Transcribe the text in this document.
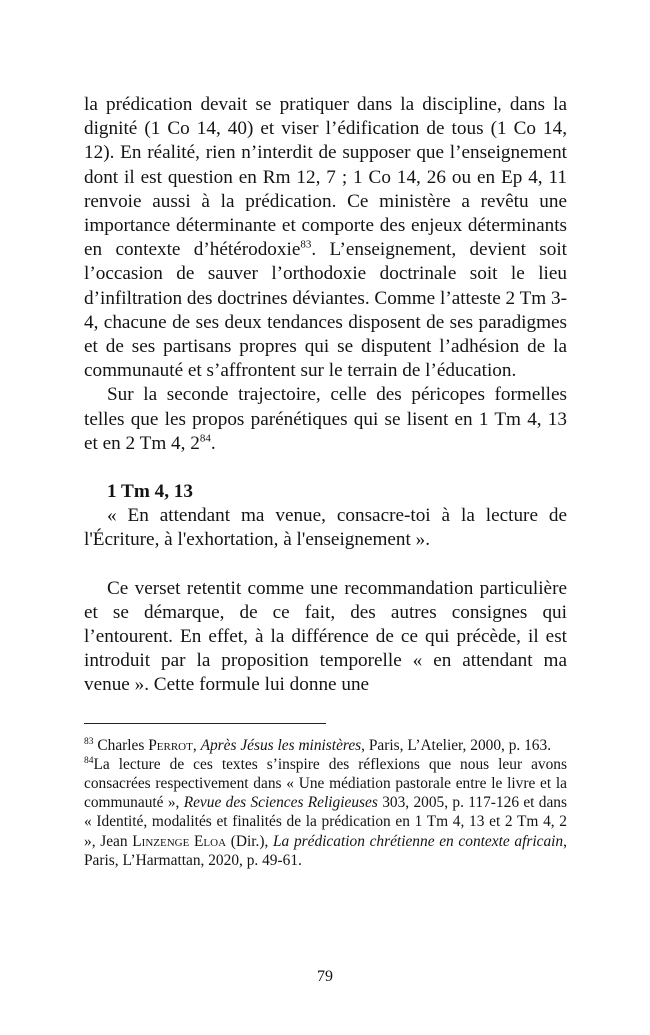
la prédication devait se pratiquer dans la discipline, dans la dignité (1 Co 14, 40) et viser l’édification de tous (1 Co 14, 12). En réalité, rien n’interdit de supposer que l’enseignement dont il est question en Rm 12, 7 ; 1 Co 14, 26 ou en Ep 4, 11 renvoie aussi à la prédication. Ce ministère a revêtu une importance déterminante et comporte des enjeux déterminants en contexte d’hétérodoxie$^{83}$. L’enseignement, devient soit l’occasion de sauver l’orthodoxie doctrinale soit le lieu d’infiltration des doctrines déviantes. Comme l’atteste 2 Tm 3-4, chacune de ses deux tendances disposent de ses paradigmes et de ses partisans propres qui se disputent l’adhésion de la communauté et s’affrontent sur le terrain de l’éducation.

Sur la seconde trajectoire, celle des péricopes formelles telles que les propos parénétiques qui se lisent en 1 Tm 4, 13 et en 2 Tm 4, $2^{84}$.

1 Tm 4, 13

« En attendant ma venue, consacre-toi à la lecture de l'Écriture, à l'exhortation, à l'enseignement ».

Ce verset retentit comme une recommandation particulière et se démarque, de ce fait, des autres consignes qui l’entourent. En effet, à la différence de ce qui précède, il est introduit par la proposition temporelle « en attendant ma venue ». Cette formule lui donne une

$^{83}$ Charles Perrot, Après Jésus les ministères, Paris, L’Atelier, 2000, p. 163.

$^{84}$La lecture de ces textes s’inspire des réflexions que nous leur avons consacrées respectivement dans « Une médiation pastorale entre le livre et la communauté », Revue des Sciences Religieuses 303, 2005, p. 117-126 et dans « Identité, modalités et finalités de la prédication en 1 Tm 4, 13 et 2 Tm 4, 2 », Jean Linzenge Eloa (Dir.), La prédication chrétienne en contexte africain, Paris, L’Harmattan, 2020, p. 49-61.

79
